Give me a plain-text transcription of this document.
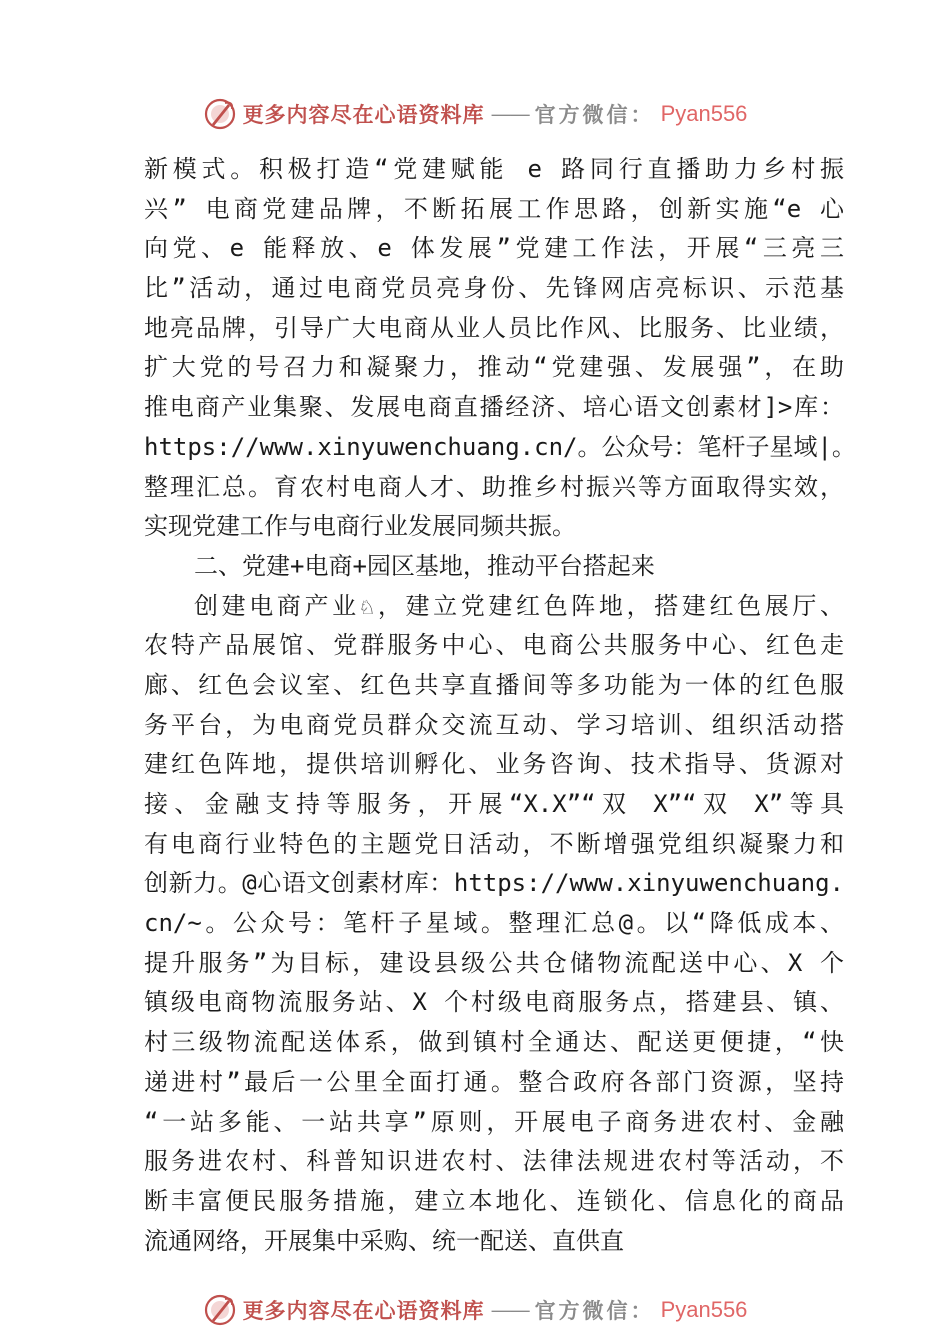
更多内容尽在心语资料库 —— 官方微信： Pyan556
新模式。积极打造“党建赋能 e 路同行直播助力乡村振
兴” 电商党建品牌，不断拓展工作思路，创新实施“e 心
向党、e 能释放、e 体发展”党建工作法，开展“三亮三
比”活动，通过电商党员亮身份、先锋网店亮标识、示范基
地亮品牌，引导广大电商从业人员比作风、比服务、比业绩，
扩大党的号召力和凝聚力，推动“党建强、发展强”，在助
推电商产业集聚、发展电商直播经济、培心语文创素材]>库：
https://www.xinyuwenchuang.cn/。公众号：笔杆子星域|。
整理汇总。育农村电商人才、助推乡村振兴等方面取得实效，
实现党建工作与电商行业发展同频共振。
二、党建+电商+园区基地，推动平台搭起来
创建电商产业♘，建立党建红色阵地，搭建红色展厅、
农特产品展馆、党群服务中心、电商公共服务中心、红色走
廊、红色会议室、红色共享直播间等多功能为一体的红色服
务平台，为电商党员群众交流互动、学习培训、组织活动搭
建红色阵地，提供培训孵化、业务咨询、技术指导、货源对
接、金融支持等服务，开展“X.X”“双 X”“双 X”等具
有电商行业特色的主题党日活动，不断增强党组织凝聚力和
创新力。@心语文创素材库：https://www.xinyuwenchuang.
cn/~。公众号：笔杆子星域。整理汇总@。以“降低成本、
提升服务”为目标，建设县级公共仓储物流配送中心、X 个
镇级电商物流服务站、X 个村级电商服务点，搭建县、镇、
村三级物流配送体系，做到镇村全通达、配送更便捷，“快
递进村”最后一公里全面打通。整合政府各部门资源，坚持
“一站多能、一站共享”原则，开展电子商务进农村、金融
服务进农村、科普知识进农村、法律法规进农村等活动，不
断丰富便民服务措施，建立本地化、连锁化、信息化的商品
流通网络，开展集中采购、统一配送、直供直
更多内容尽在心语资料库 —— 官方微信： Pyan556
